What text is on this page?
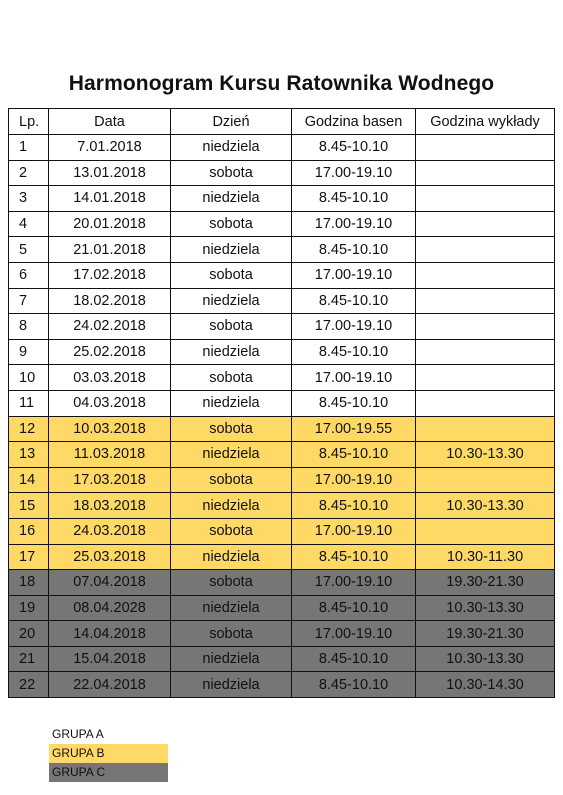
Harmonogram Kursu Ratownika Wodnego
Lp.	Data	Dzień	Godzina basen	Godzina wykłady
1	7.01.2018	niedziela	8.45-10.10	
2	13.01.2018	sobota	17.00-19.10	
3	14.01.2018	niedziela	8.45-10.10	
4	20.01.2018	sobota	17.00-19.10	
5	21.01.2018	niedziela	8.45-10.10	
6	17.02.2018	sobota	17.00-19.10	
7	18.02.2018	niedziela	8.45-10.10	
8	24.02.2018	sobota	17.00-19.10	
9	25.02.2018	niedziela	8.45-10.10	
10	03.03.2018	sobota	17.00-19.10	
11	04.03.2018	niedziela	8.45-10.10	
12	10.03.2018	sobota	17.00-19.55	
13	11.03.2018	niedziela	8.45-10.10	10.30-13.30
14	17.03.2018	sobota	17.00-19.10	
15	18.03.2018	niedziela	8.45-10.10	10.30-13.30
16	24.03.2018	sobota	17.00-19.10	
17	25.03.2018	niedziela	8.45-10.10	10.30-11.30
18	07.04.2018	sobota	17.00-19.10	19.30-21.30
19	08.04.2028	niedziela	8.45-10.10	10.30-13.30
20	14.04.2018	sobota	17.00-19.10	19.30-21.30
21	15.04.2018	niedziela	8.45-10.10	10.30-13.30
22	22.04.2018	niedziela	8.45-10.10	10.30-14.30
GRUPA A
GRUPA B
GRUPA C
